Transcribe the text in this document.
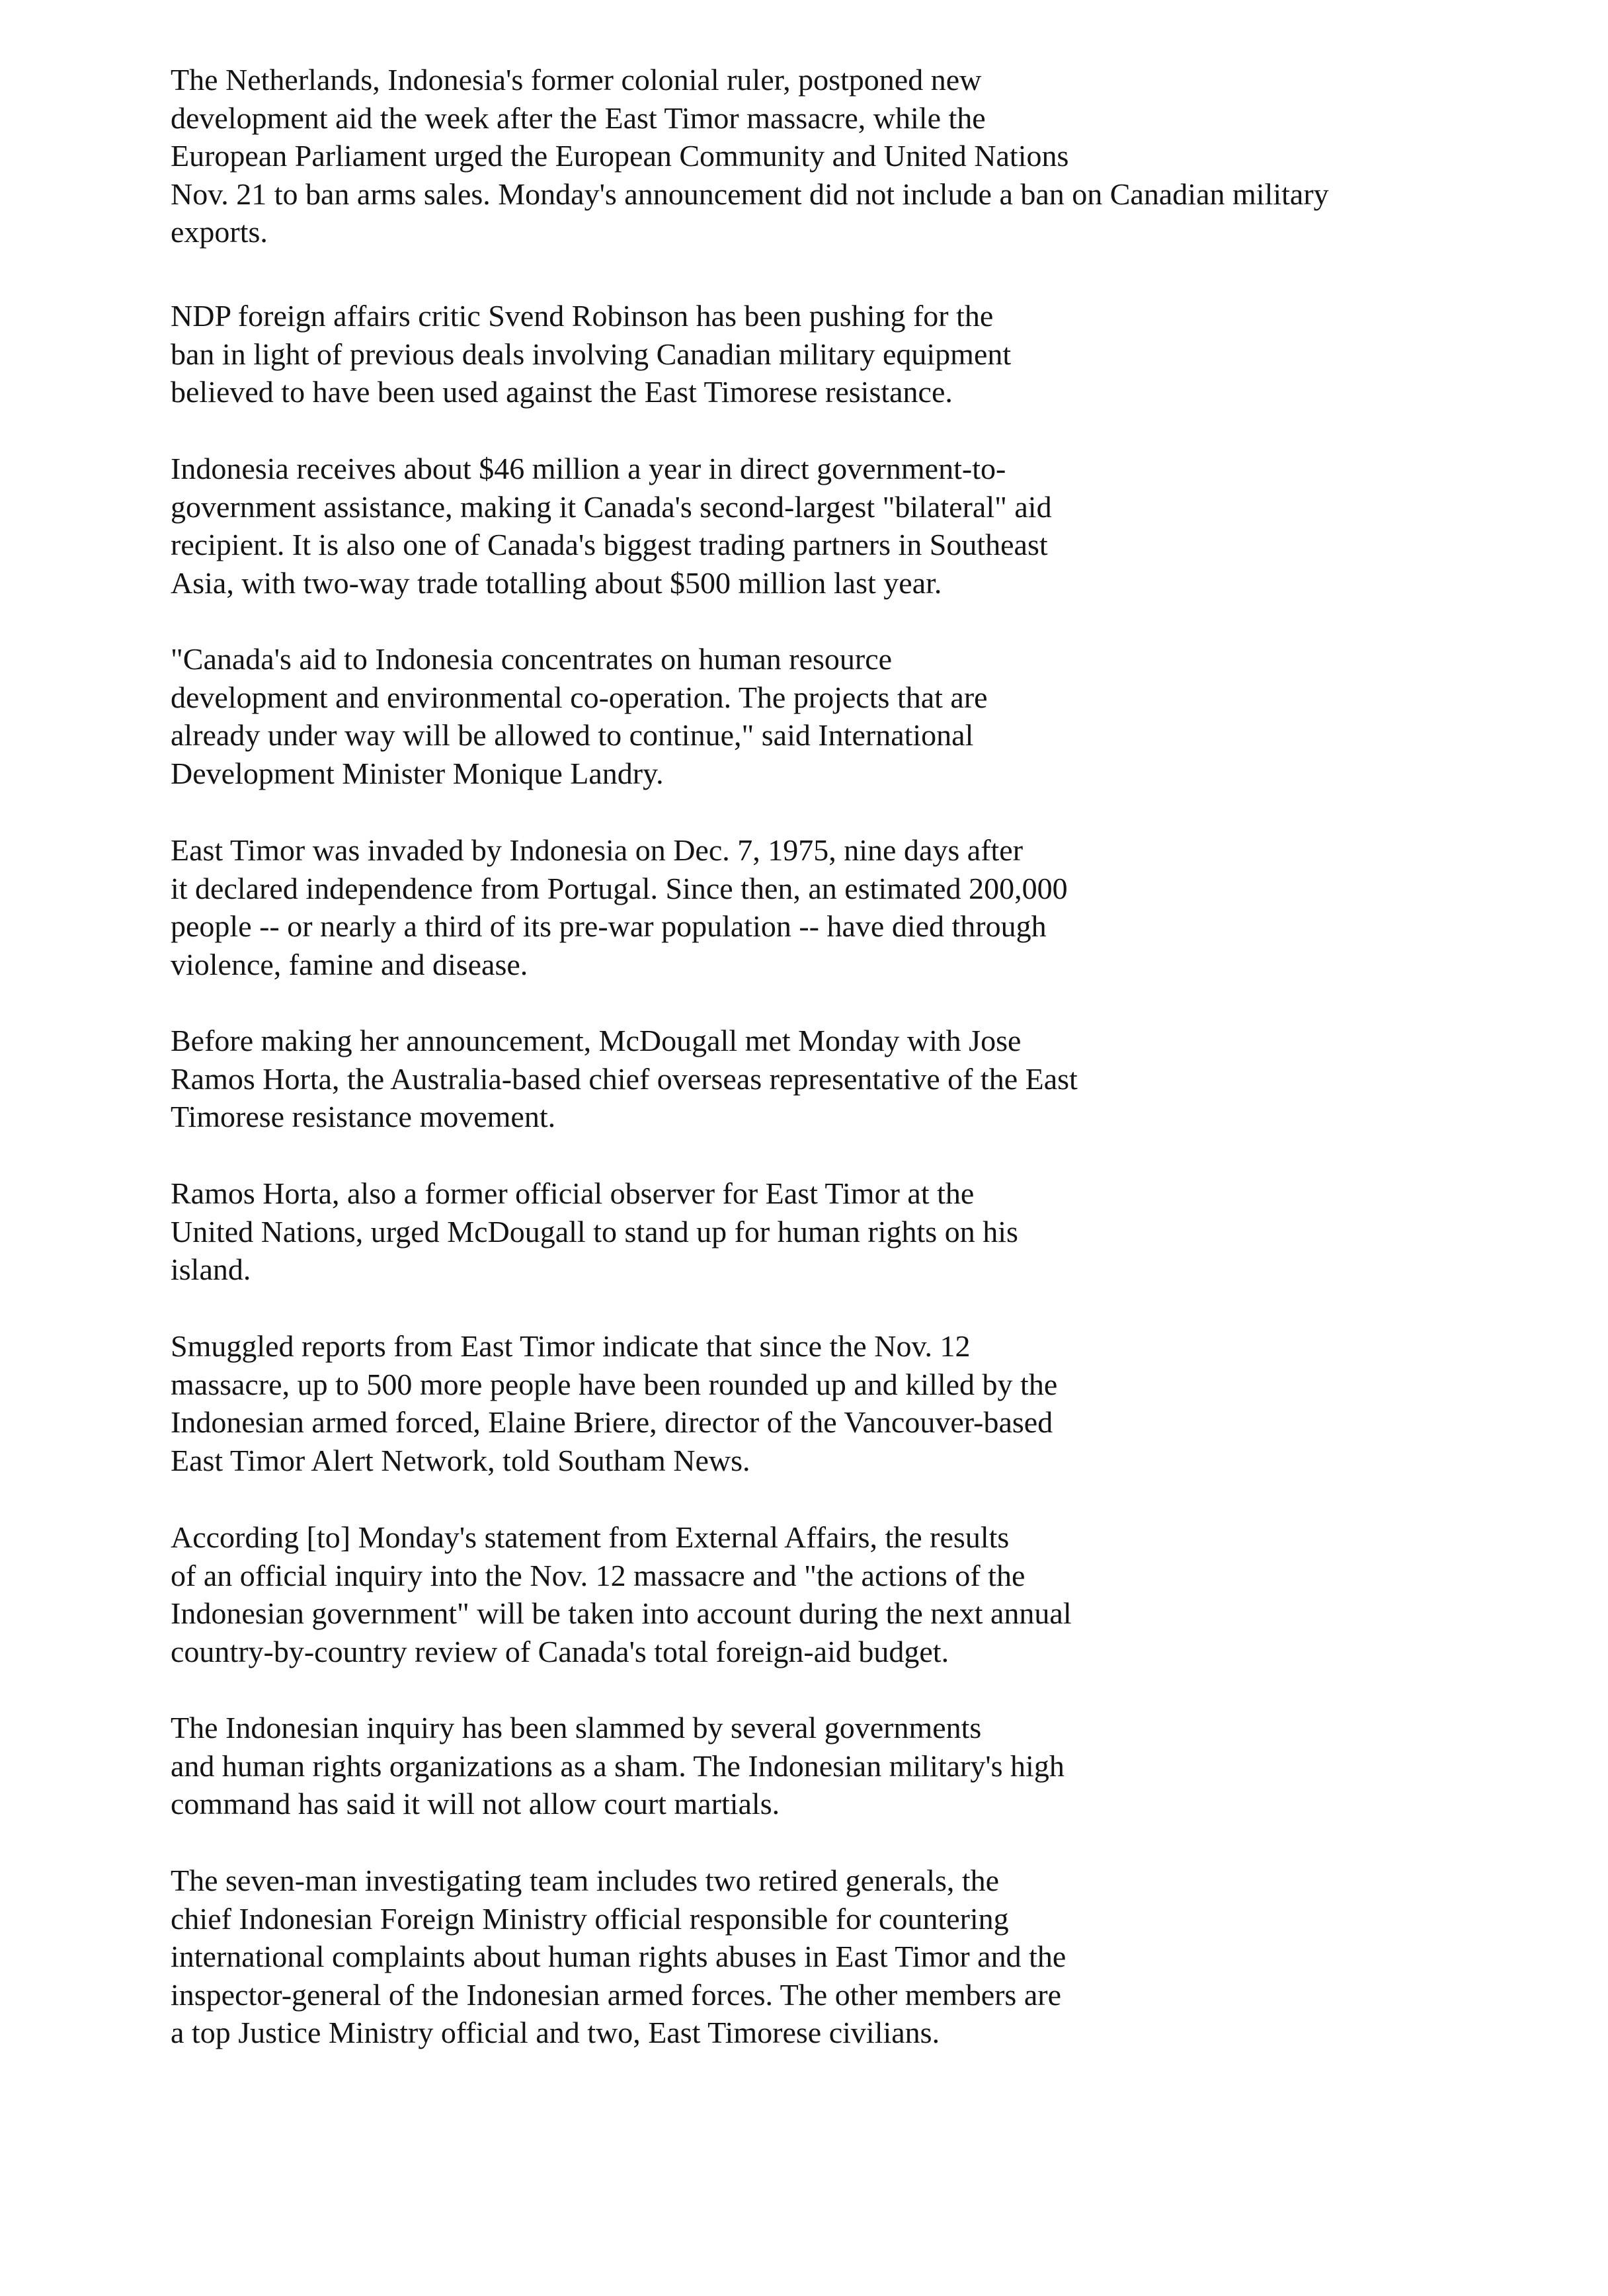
The Netherlands, Indonesia's former colonial ruler, postponed new
development aid the week after the East Timor massacre, while the
European Parliament urged the European Community and United Nations
Nov. 21 to ban arms sales. Monday's announcement did not include a ban on Canadian military
exports.

NDP foreign affairs critic Svend Robinson has been pushing for the
ban in light of previous deals involving Canadian military equipment
believed to have been used against the East Timorese resistance.

Indonesia receives about $46 million a year in direct government-to-
government assistance, making it Canada's second-largest "bilateral" aid
recipient. It is also one of Canada's biggest trading partners in Southeast
Asia, with two-way trade totalling about $500 million last year.

"Canada's aid to Indonesia concentrates on human resource
development and environmental co-operation. The projects that are
already under way will be allowed to continue," said International
Development Minister Monique Landry.

East Timor was invaded by Indonesia on Dec. 7, 1975, nine days after
it declared independence from Portugal. Since then, an estimated 200,000
people -- or nearly a third of its pre-war population -- have died through
violence, famine and disease.

Before making her announcement, McDougall met Monday with Jose
Ramos Horta, the Australia-based chief overseas representative of the East
Timorese resistance movement.

Ramos Horta, also a former official observer for East Timor at the
United Nations, urged McDougall to stand up for human rights on his
island.

Smuggled reports from East Timor indicate that since the Nov. 12
massacre, up to 500 more people have been rounded up and killed by the
Indonesian armed forced, Elaine Briere, director of the Vancouver-based
East Timor Alert Network, told Southam News.

According [to] Monday's statement from External Affairs, the results
of an official inquiry into the Nov. 12 massacre and "the actions of the
Indonesian government" will be taken into account during the next annual
country-by-country review of Canada's total foreign-aid budget.

The Indonesian inquiry has been slammed by several governments
and human rights organizations as a sham. The Indonesian military's high
command has said it will not allow court martials.

The seven-man investigating team includes two retired generals, the
chief Indonesian Foreign Ministry official responsible for countering
international complaints about human rights abuses in East Timor and the
inspector-general of the Indonesian armed forces. The other members are
a top Justice Ministry official and two, East Timorese civilians.
